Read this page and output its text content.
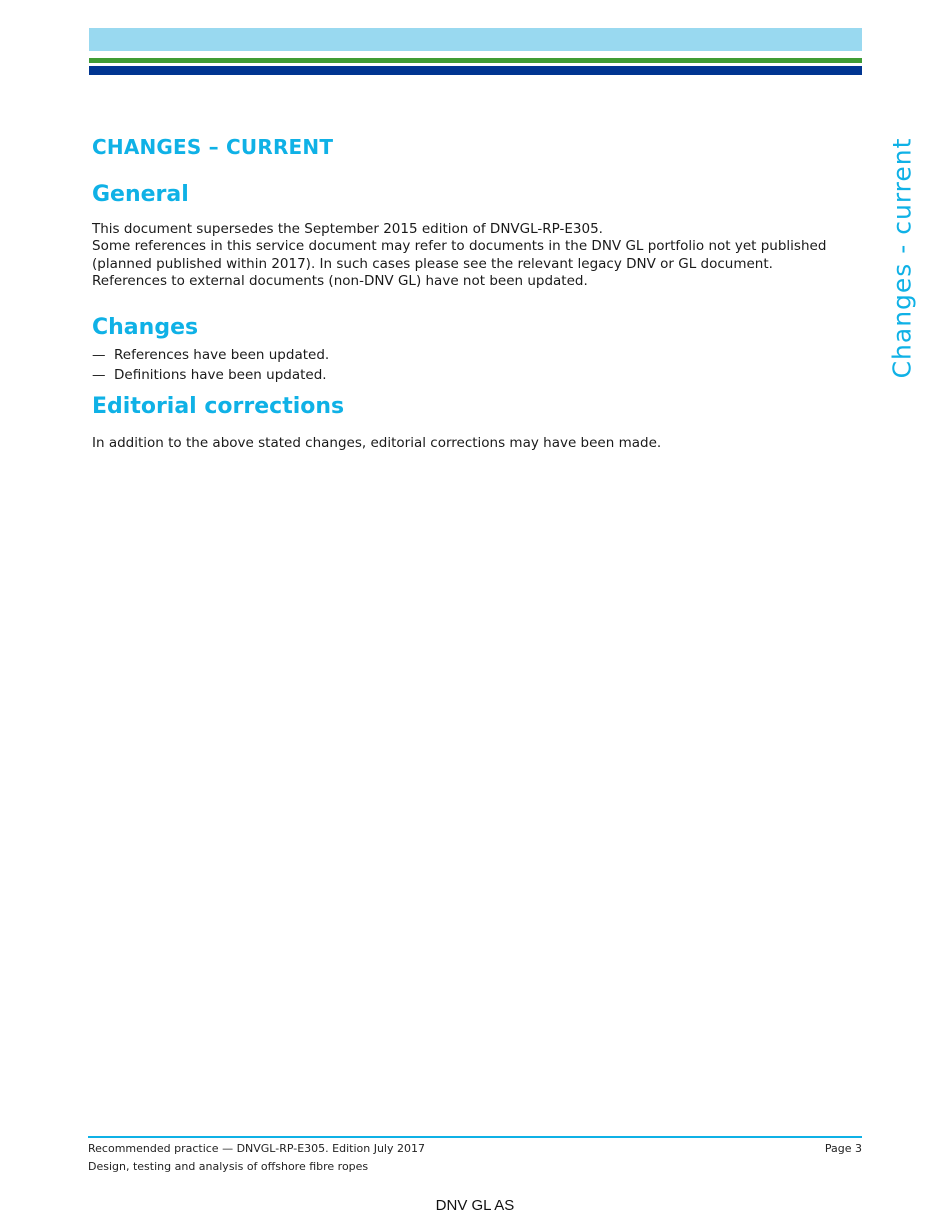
Changes - current
CHANGES – CURRENT
General
This document supersedes the September 2015 edition of DNVGL-RP-E305.
Some references in this service document may refer to documents in the DNV GL portfolio not yet published
(planned published within 2017). In such cases please see the relevant legacy DNV or GL document.
References to external documents (non-DNV GL) have not been updated.
Changes
— References have been updated.
— Definitions have been updated.
Editorial corrections
In addition to the above stated changes, editorial corrections may have been made.
Recommended practice — DNVGL-RP-E305. Edition July 2017	Page 3
Design, testing and analysis of offshore fibre ropes
DNV GL AS
